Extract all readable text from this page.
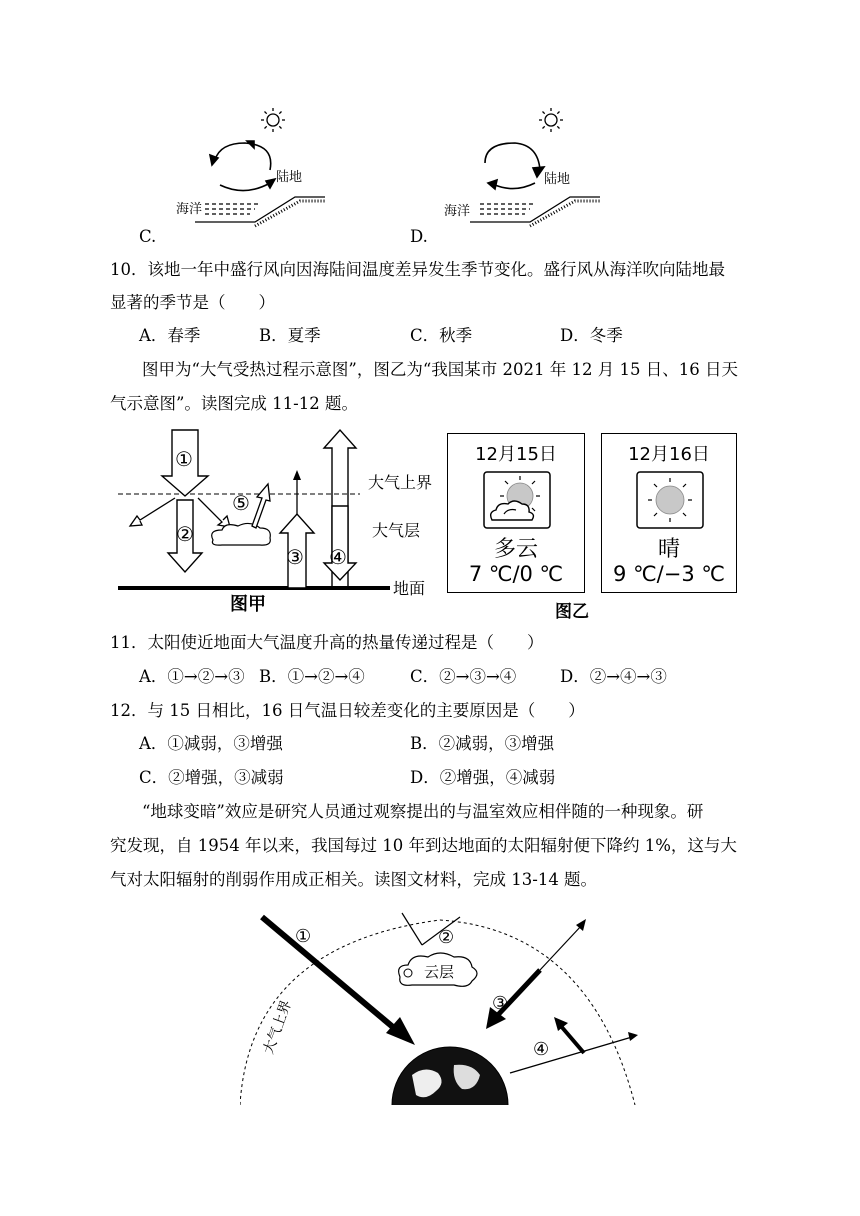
陆地
海洋
C.
陆地
海洋
D.
10．该地一年中盛行风向因海陆间温度差异发生季节变化。盛行风从海洋吹向陆地最
显著的季节是（　　）
A．春季	B．夏季	C．秋季	D．冬季
图甲为“大气受热过程示意图”，图乙为“我国某市 2021 年 12 月 15 日、16 日天
气示意图”。读图完成 11-12 题。
①
②
⑤
③ ④
大气上界
大气层
地面
图甲
12月15日
多云
7 ℃/0 ℃
12月16日
晴
9 ℃/−3 ℃
图乙
11．太阳使近地面大气温度升高的热量传递过程是（　　）
A．①→②→③ B．①→②→④	C．②→③→④	D．②→④→③
12．与 15 日相比，16 日气温日较差变化的主要原因是（　　）
A．①减弱，③增强	B．②减弱，③增强
C．②增强，③减弱	D．②增强，④减弱
“地球变暗”效应是研究人员通过观察提出的与温室效应相伴随的一种现象。研
究发现，自 1954 年以来，我国每过 10 年到达地面的太阳辐射便下降约 1%，这与大
气对太阳辐射的削弱作用成正相关。读图文材料，完成 13-14 题。
大气上界
①	②
云层
③
④
